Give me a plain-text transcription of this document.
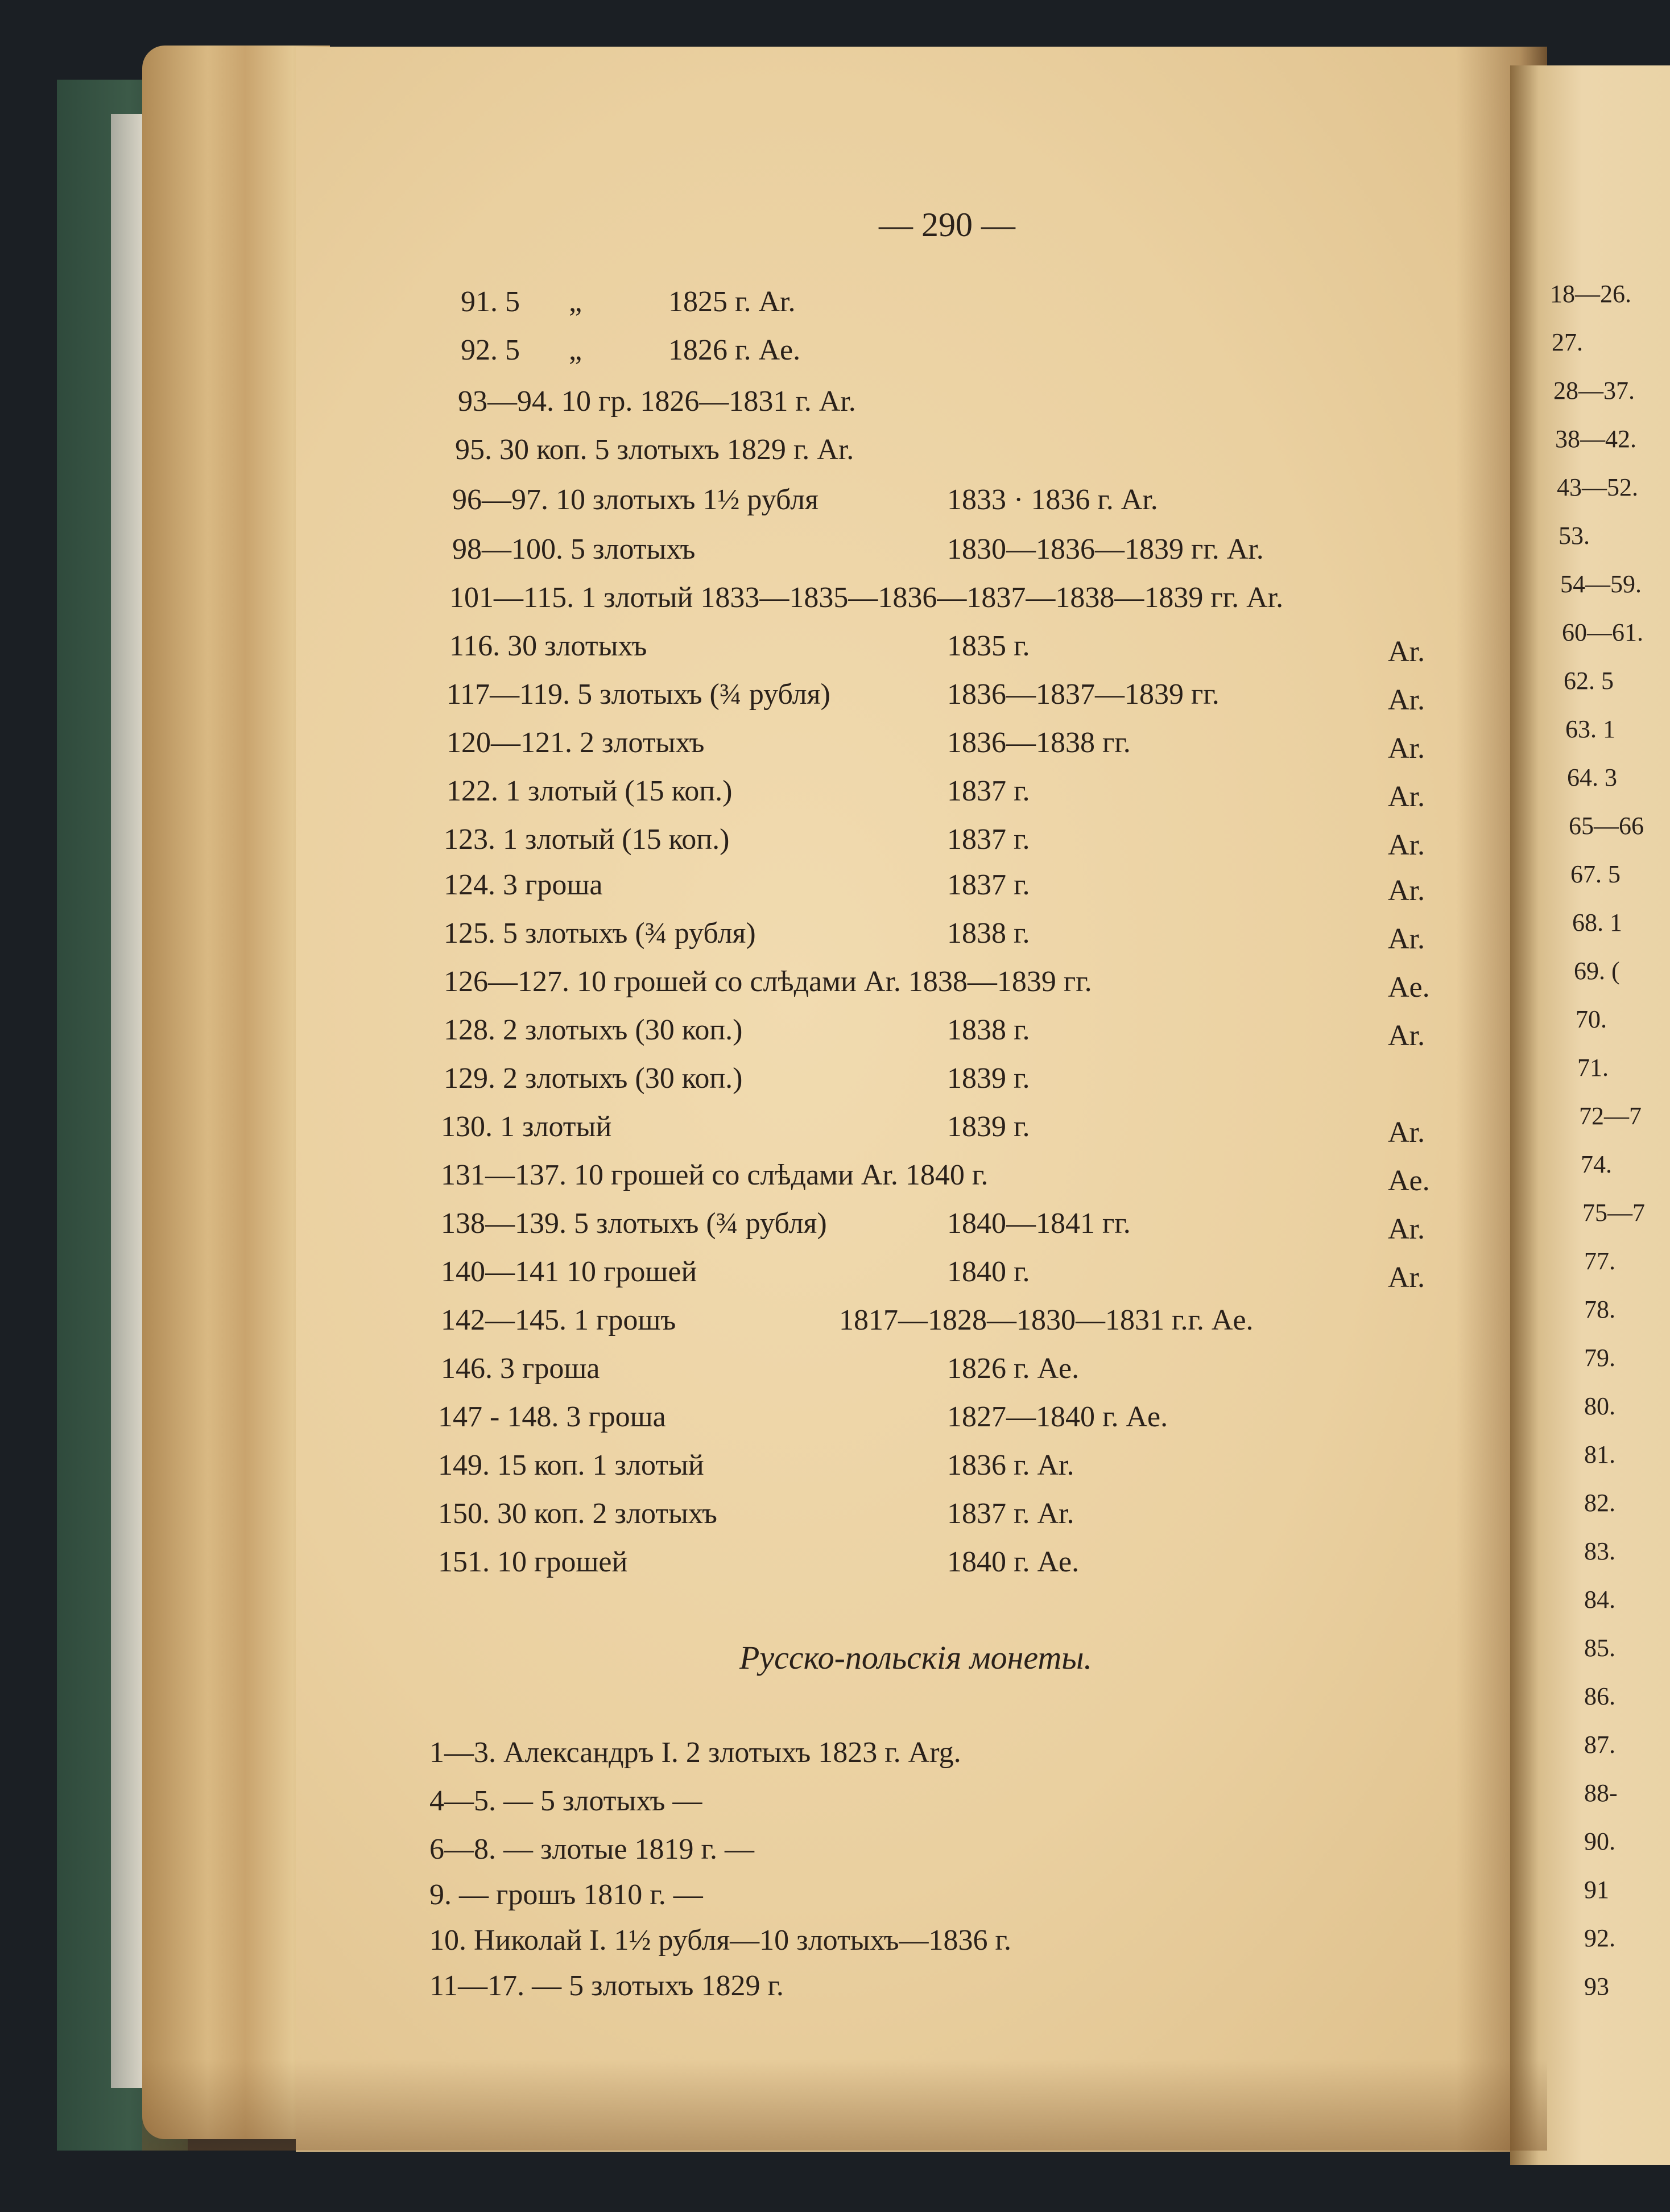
— 290 —
91. 5 „	1825 г. Ar.
92. 5 „	1826 г. Ae.
93—94. 10 гр. 1826—1831 г. Ar.
95. 30 коп. 5 злотыхъ 1829 г. Ar.
96—97. 10 злотыхъ 1½ рубля	1833 · 1836 г. Ar.
98—100. 5 злотыхъ	1830—1836—1839 гг. Ar.
101—115. 1 злотый 1833—1835—1836—1837—1838—1839 гг. Ar.
116. 30 злотыхъ	1835 г.	Ar.
117—119. 5 злотыхъ (¾ рубля)	1836—1837—1839 гг.	Ar.
120—121. 2 злотыхъ	1836—1838 гг.	Ar.
122. 1 злотый (15 коп.)	1837 г.	Ar.
123. 1 злотый (15 коп.)	1837 г.	Ar.
124. 3 гроша	1837 г.	Ar.
125. 5 злотыхъ (¾ рубля)	1838 г.	Ar.
126—127. 10 грошей со слѣдами Ar. 1838—1839 гг.	Ae.
128. 2 злотыхъ (30 коп.)	1838 г.	Ar.
129. 2 злотыхъ (30 коп.)	1839 г.
130. 1 злотый	1839 г.	Ar.
131—137. 10 грошей со слѣдами Ar. 1840 г.	Ae.
138—139. 5 злотыхъ (¾ рубля)	1840—1841 гг.	Ar.
140—141 10 грошей	1840 г.	Ar.
142—145. 1 грошъ	1817—1828—1830—1831 г.г. Ae.
146. 3 гроша	1826 г. Ae.
147 - 148. 3 гроша	1827—1840 г. Ae.
149. 15 коп. 1 злотый	1836 г. Ar.
150. 30 коп. 2 злотыхъ	1837 г. Ar.
151. 10 грошей	1840 г. Ae.
Русско-польскія монеты.
1—3. Александръ I. 2 злотыхъ 1823 г. Arg.
4—5. — 5 злотыхъ —
6—8. — злотые 1819 г. —
9. — грошъ 1810 г. —
10. Николай I. 1½ рубля—10 злотыхъ—1836 г.
11—17. — 5 злотыхъ 1829 г.
18—26.
27.
28—37.
38—42.
43—52.
53.
54—59.
60—61.
62. 5
63. 1
64. 3
65—66
67. 5
68. 1
69. (
70.
71.
72—7
74.
75—7
77.
78.
79.
80.
81.
82.
83.
84.
85.
86.
87.
88-
90.
91
92.
93
